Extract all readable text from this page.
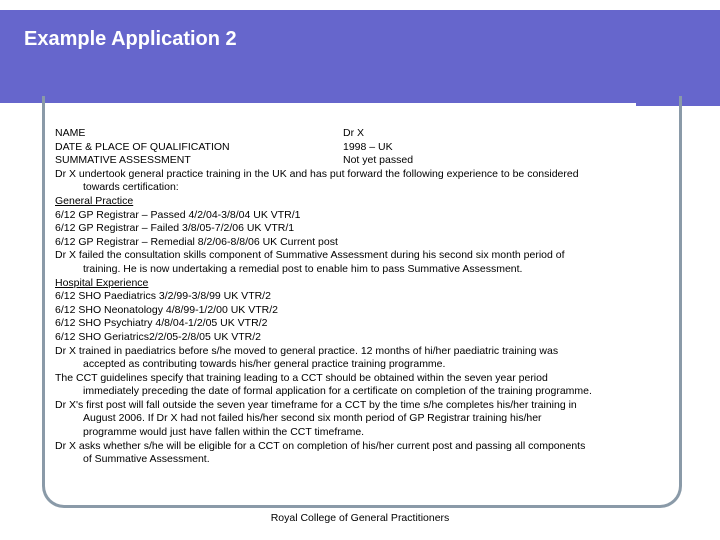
Example Application 2
NAME	Dr X
DATE & PLACE OF QUALIFICATION	1998 – UK
SUMMATIVE ASSESSMENT	Not yet passed
Dr X undertook general practice training in the UK and has put forward the following experience to be considered
towards certification:
General Practice
6/12 GP Registrar – Passed 4/2/04-3/8/04 UK VTR/1
6/12 GP Registrar – Failed 3/8/05-7/2/06 UK VTR/1
6/12 GP Registrar – Remedial 8/2/06-8/8/06 UK Current post
Dr X failed the consultation skills component of Summative Assessment during his second six month period of
training. He is now undertaking a remedial post to enable him to pass Summative Assessment.
Hospital Experience
6/12 SHO Paediatrics 3/2/99-3/8/99 UK VTR/2
6/12 SHO Neonatology 4/8/99-1/2/00 UK VTR/2
6/12 SHO Psychiatry 4/8/04-1/2/05 UK VTR/2
6/12 SHO Geriatrics2/2/05-2/8/05 UK VTR/2
Dr X trained in paediatrics before s/he moved to general practice. 12 months of hi/her paediatric training was
accepted as contributing towards his/her general practice training programme.
The CCT guidelines specify that training leading to a CCT should be obtained within the seven year period
immediately preceding the date of formal application for a certificate on completion of the training programme.
Dr X's first post will fall outside the seven year timeframe for a CCT by the time s/he completes his/her training in
August 2006. If Dr X had not failed his/her second six month period of GP Registrar training his/her
programme would just have fallen within the CCT timeframe.
Dr X asks whether s/he will be eligible for a CCT on completion of his/her current post and passing all components
of Summative Assessment.
Royal College of General Practitioners
